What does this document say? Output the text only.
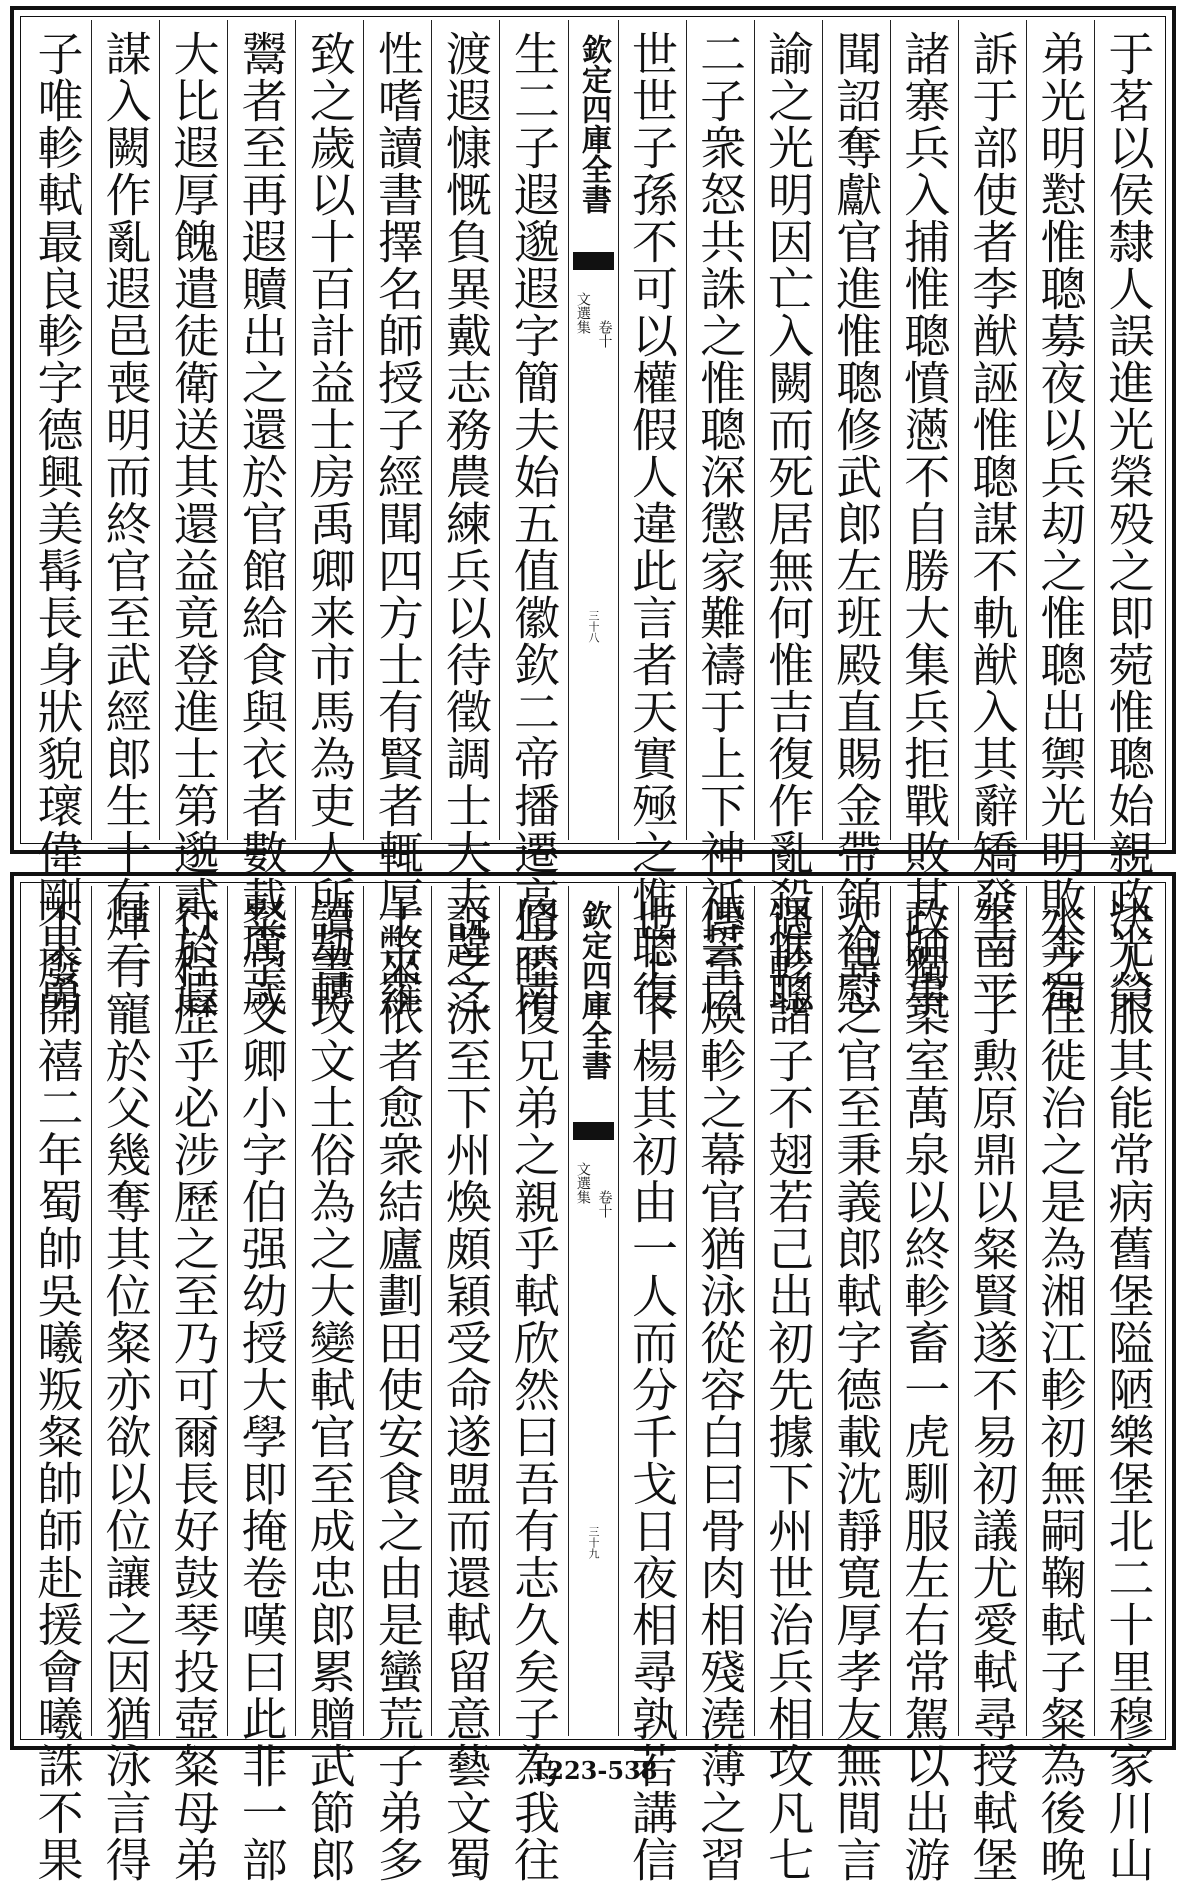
于茗以侯隸人誤進光榮殁之即菀惟聰始親政光榮
弟光明懟惟聰募夜以兵刧之惟聰出禦光明敗奔蜀
訴于部使者李猷誣惟聰謀不軌猷入其辭矯發南平
諸寨兵入捕惟聰憤懣不自勝大集兵拒戰敗其師事
聞詔奪獻官進惟聰修武郎左班殿直賜金帶錦袍慰
諭之光明因亡入闕而死居無何惟吉復作亂殺惟聰
二子衆怒共誅之惟聰深懲家難禱于上下神祇誓曰
世世子孫不可以權假人違此言者天實殛之惟聰復
欽定四庫全書
文選集 卷十
三十八
生二子遐邈遐字簡夫始五值徽欽二帝播遷高宗南
渡遐慷慨負異戴志務農練兵以待徵調士大夫韙之
性嗜讀書擇名師授子經聞四方士有賢者輒厚幣羅
致之歲以十百計益士房禹卿来市馬為吏人所刧轉
鬻者至再遐贖出之還於官館給食與衣者數載厲歲
大比遐厚餽遣徒衛送其還益竟登進士第邈貳於遐
謀入闕作亂遐邑喪明而終官至武經郎生十有三
子唯軫軾最良軫字德興美髯長身狀貌瓌偉剛果勇
决人服其能常病舊堡隘陋樂堡北二十里穆家川山
水之佳徙治之是為湘江軫初無嗣鞠軾子粲為後晚
生三子勲原鼎以粲賢遂不易初議尤愛軾尋授軾堡
政獨築室萬泉以終軫畜一虎馴服左右常駕以出游
人異之官至秉義郎軾字德載沈靜寛厚孝友無間言
遇軫諸子不翅若己出初先據下州世治兵相攻凡七
傳至煥軫之幕官猶泳從容白曰骨肉相殘澆薄之習
也上下楊其初由一人而分千戈日夜相尋孰若講信
欽定四庫全書
文選集 卷十
三十九
脩睦復兄弟之親乎軾欣然曰吾有志久矣子為我往
説之泳至下州煥頗穎受命遂盟而還軾留意藝文蜀
士來依者愈衆結廬劃田使安食之由是蠻荒子弟多
讀書攻文土俗為之大變軾官至成忠郎累贈武節郎
粲字文卿小字伯强幼授大學即掩卷嘆曰此非一部
行程歷乎必涉歷之至乃可爾長好鼓琴投壺粲母弟
煇有寵於父幾奪其位粲亦欲以位讓之因猶泳言得
不廢開禧二年蜀帥吳曦叛粲帥師赴援會曦誅不果	1223-538
